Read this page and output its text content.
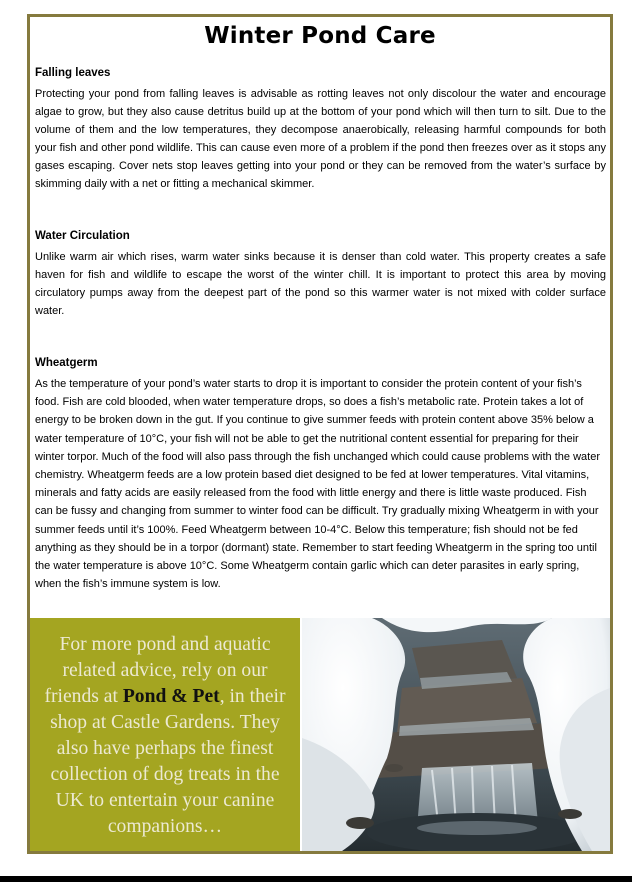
Winter Pond Care
Falling leaves

Protecting your pond from falling leaves is advisable as rotting leaves not only discolour the water and encourage algae to grow, but they also cause detritus build up at the bottom of your pond which will then turn to silt. Due to the volume of them and the low temperatures, they decompose anaerobically, releasing harmful compounds for both your fish and other pond wildlife. This can cause even more of a problem if the pond then freezes over as it stops any gases escaping. Cover nets stop leaves getting into your pond or they can be removed from the water’s surface by skimming daily with a net or fitting a mechanical skimmer.

Water Circulation

Unlike warm air which rises, warm water sinks because it is denser than cold water. This property creates a safe haven for fish and wildlife to escape the worst of the winter chill. It is important to protect this area by moving circulatory pumps away from the deepest part of the pond so this warmer water is not mixed with colder surface water.

Wheatgerm

As the temperature of your pond’s water starts to drop it is important to consider the protein content of your fish’s food. Fish are cold blooded, when water temperature drops, so does a fish’s metabolic rate. Protein takes a lot of energy to be broken down in the gut. If you continue to give summer feeds with protein content above 35% below a water temperature of 10°C, your fish will not be able to get the nutritional content essential for preparing for their winter torpor. Much of the food will also pass through the fish unchanged which could cause problems with the water chemistry. Wheatgerm feeds are a low protein based diet designed to be fed at lower temperatures. Vital vitamins, minerals and fatty acids are easily released from the food with little energy and there is little waste produced. Fish can be fussy and changing from summer to winter food can be difficult. Try gradually mixing Wheatgerm in with your summer feeds until it’s 100%. Feed Wheatgerm between 10-4°C. Below this temperature; fish should not be fed anything as they should be in a torpor (dormant) state. Remember to start feeding Wheatgerm in the spring too until the water temperature is above 10°C. Some Wheatgerm contain garlic which can deter parasites in early spring, when the fish’s immune system is low.

For more pond and aquatic related advice, rely on our friends at Pond & Pet, in their shop at Castle Gardens. They also have perhaps the finest collection of dog treats in the UK to entertain your canine companions…
